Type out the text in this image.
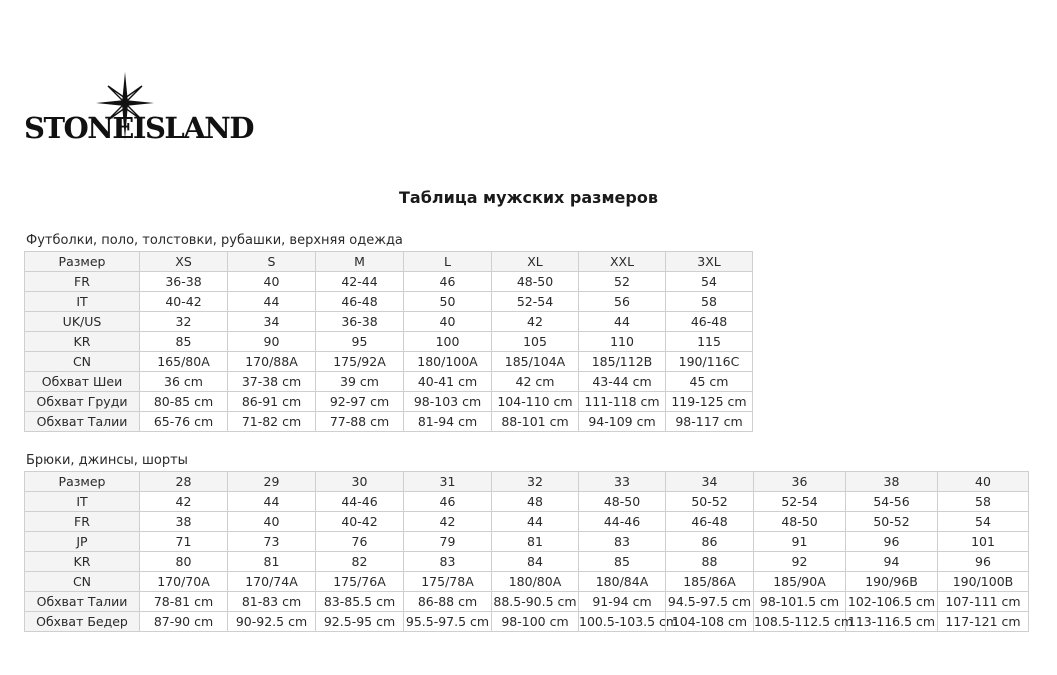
STONE ISLAND
Таблица мужских размеров
Футболки, поло, толстовки, рубашки, верхняя одежда
Размер	XS	S	M	L	XL	XXL	3XL
FR	36-38	40	42-44	46	48-50	52	54
IT	40-42	44	46-48	50	52-54	56	58
UK/US	32	34	36-38	40	42	44	46-48
KR	85	90	95	100	105	110	115
CN	165/80A	170/88A	175/92A	180/100A	185/104A	185/112B	190/116C
Обхват Шеи	36 cm	37-38 cm	39 cm	40-41 cm	42 cm	43-44 cm	45 cm
Обхват Груди	80-85 cm	86-91 cm	92-97 cm	98-103 cm	104-110 cm	111-118 cm	119-125 cm
Обхват Талии	65-76 cm	71-82 cm	77-88 cm	81-94 cm	88-101 cm	94-109 cm	98-117 cm
Брюки, джинсы, шорты
Размер	28	29	30	31	32	33	34	36	38	40
IT	42	44	44-46	46	48	48-50	50-52	52-54	54-56	58
FR	38	40	40-42	42	44	44-46	46-48	48-50	50-52	54
JP	71	73	76	79	81	83	86	91	96	101
KR	80	81	82	83	84	85	88	92	94	96
CN	170/70A	170/74A	175/76A	175/78A	180/80A	180/84A	185/86A	185/90A	190/96B	190/100B
Обхват Талии	78-81 cm	81-83 cm	83-85.5 cm	86-88 cm	88.5-90.5 cm	91-94 cm	94.5-97.5 cm	98-101.5 cm	102-106.5 cm	107-111 cm
Обхват Бедер	87-90 cm	90-92.5 cm	92.5-95 cm	95.5-97.5 cm	98-100 cm	100.5-103.5 cm	104-108 cm	108.5-112.5 cm	113-116.5 cm	117-121 cm
